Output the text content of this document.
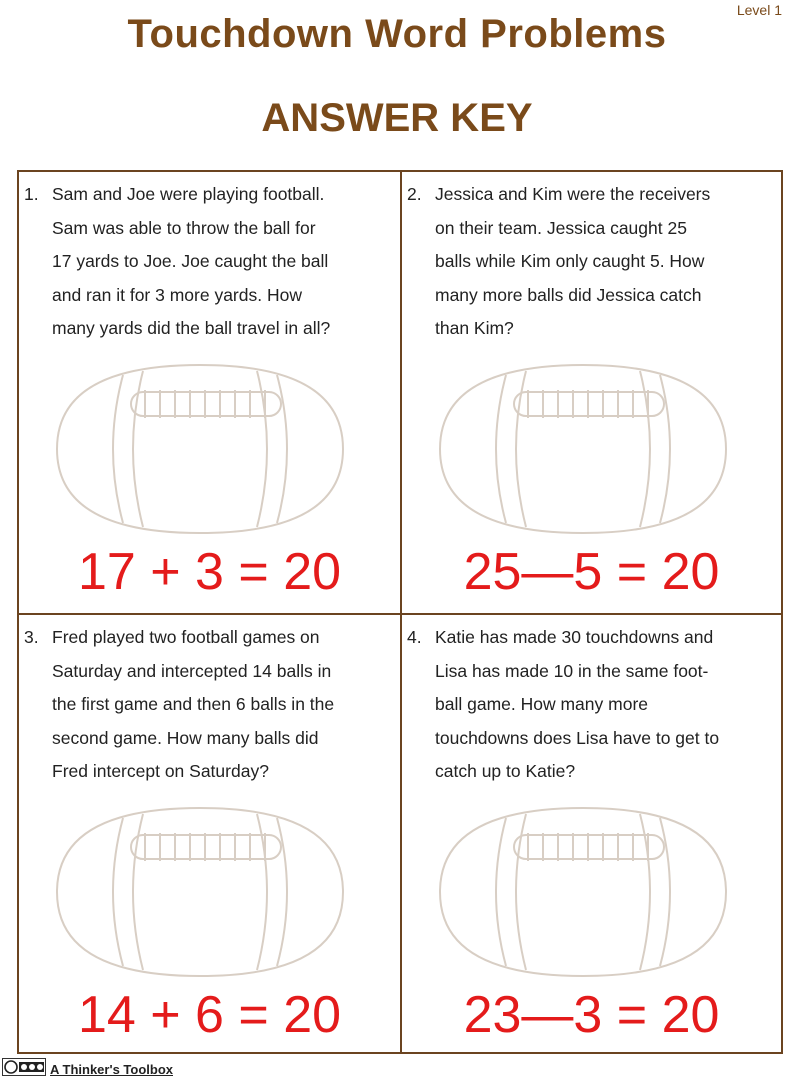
Level 1
Touchdown Word Problems
ANSWER KEY
1. Sam and Joe were playing football.
Sam was able to throw the ball for
17 yards to Joe. Joe caught the ball
and ran it for 3 more yards. How
many yards did the ball travel in all?
17 + 3 = 20
2. Jessica and Kim were the receivers
on their team. Jessica caught 25
balls while Kim only caught 5. How
many more balls did Jessica catch
than Kim?
25—5 = 20
3. Fred played two football games on
Saturday and intercepted 14 balls in
the first game and then 6 balls in the
second game. How many balls did
Fred intercept on Saturday?
14 + 6 = 20
4. Katie has made 30 touchdowns and
Lisa has made 10 in the same foot-
ball game. How many more
touchdowns does Lisa have to get to
catch up to Katie?
23—3 = 20
A Thinker's Toolbox
